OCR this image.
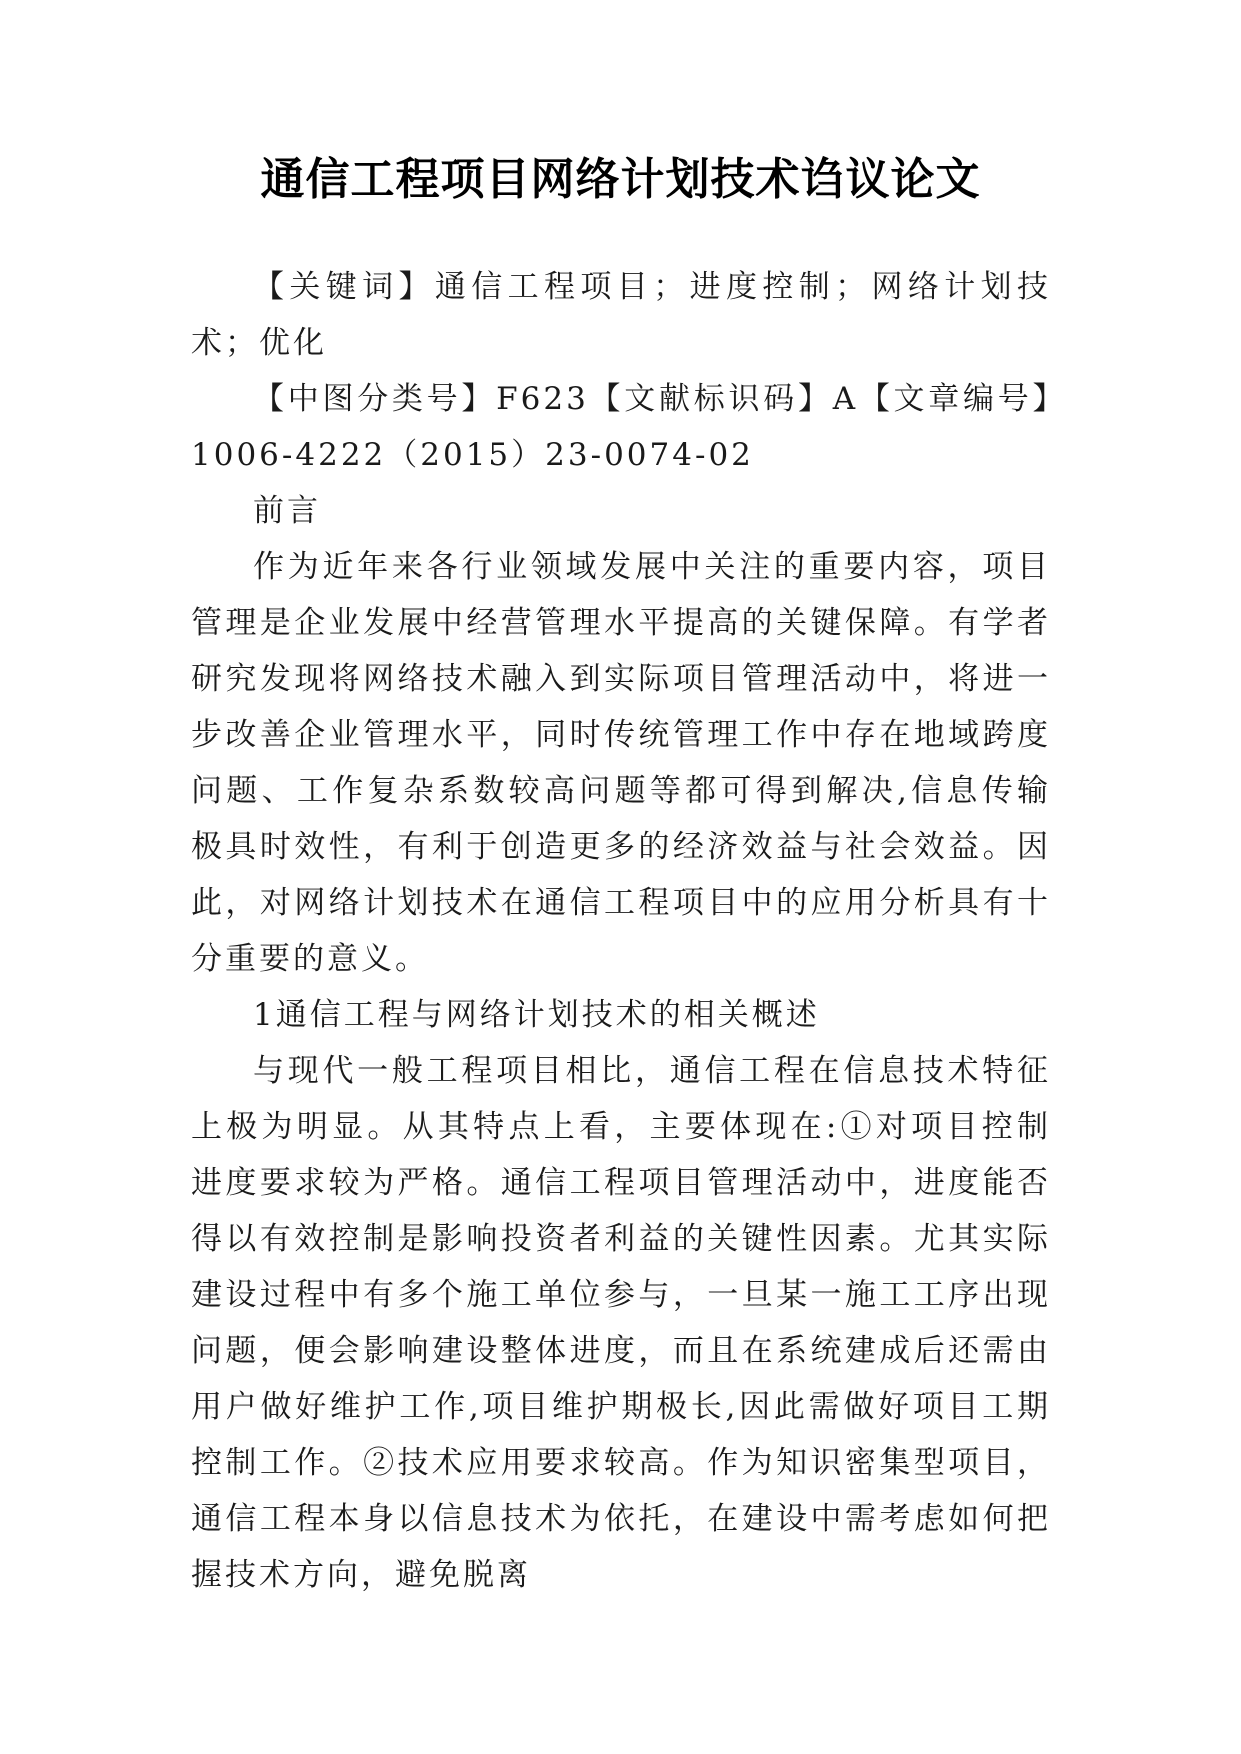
通信工程项目网络计划技术诌议论文

【关键词】通信工程项目；进度控制；网络计划技术；优化

【中图分类号】F623【文献标识码】A【文章编号】1006-4222（2015）23-0074-02

前言

作为近年来各行业领域发展中关注的重要内容，项目管理是企业发展中经营管理水平提高的关键保障。有学者研究发现将网络技术融入到实际项目管理活动中，将进一步改善企业管理水平，同时传统管理工作中存在地域跨度问题、工作复杂系数较高问题等都可得到解决,信息传输极具时效性，有利于创造更多的经济效益与社会效益。因此，对网络计划技术在通信工程项目中的应用分析具有十分重要的意义。

1通信工程与网络计划技术的相关概述

与现代一般工程项目相比，通信工程在信息技术特征上极为明显。从其特点上看，主要体现在:①对项目控制进度要求较为严格。通信工程项目管理活动中，进度能否得以有效控制是影响投资者利益的关键性因素。尤其实际建设过程中有多个施工单位参与，一旦某一施工工序出现问题，便会影响建设整体进度，而且在系统建成后还需由用户做好维护工作,项目维护期极长,因此需做好项目工期控制工作。②技术应用要求较高。作为知识密集型项目，通信工程本身以信息技术为依托，在建设中需考虑如何把握技术方向，避免脱离
